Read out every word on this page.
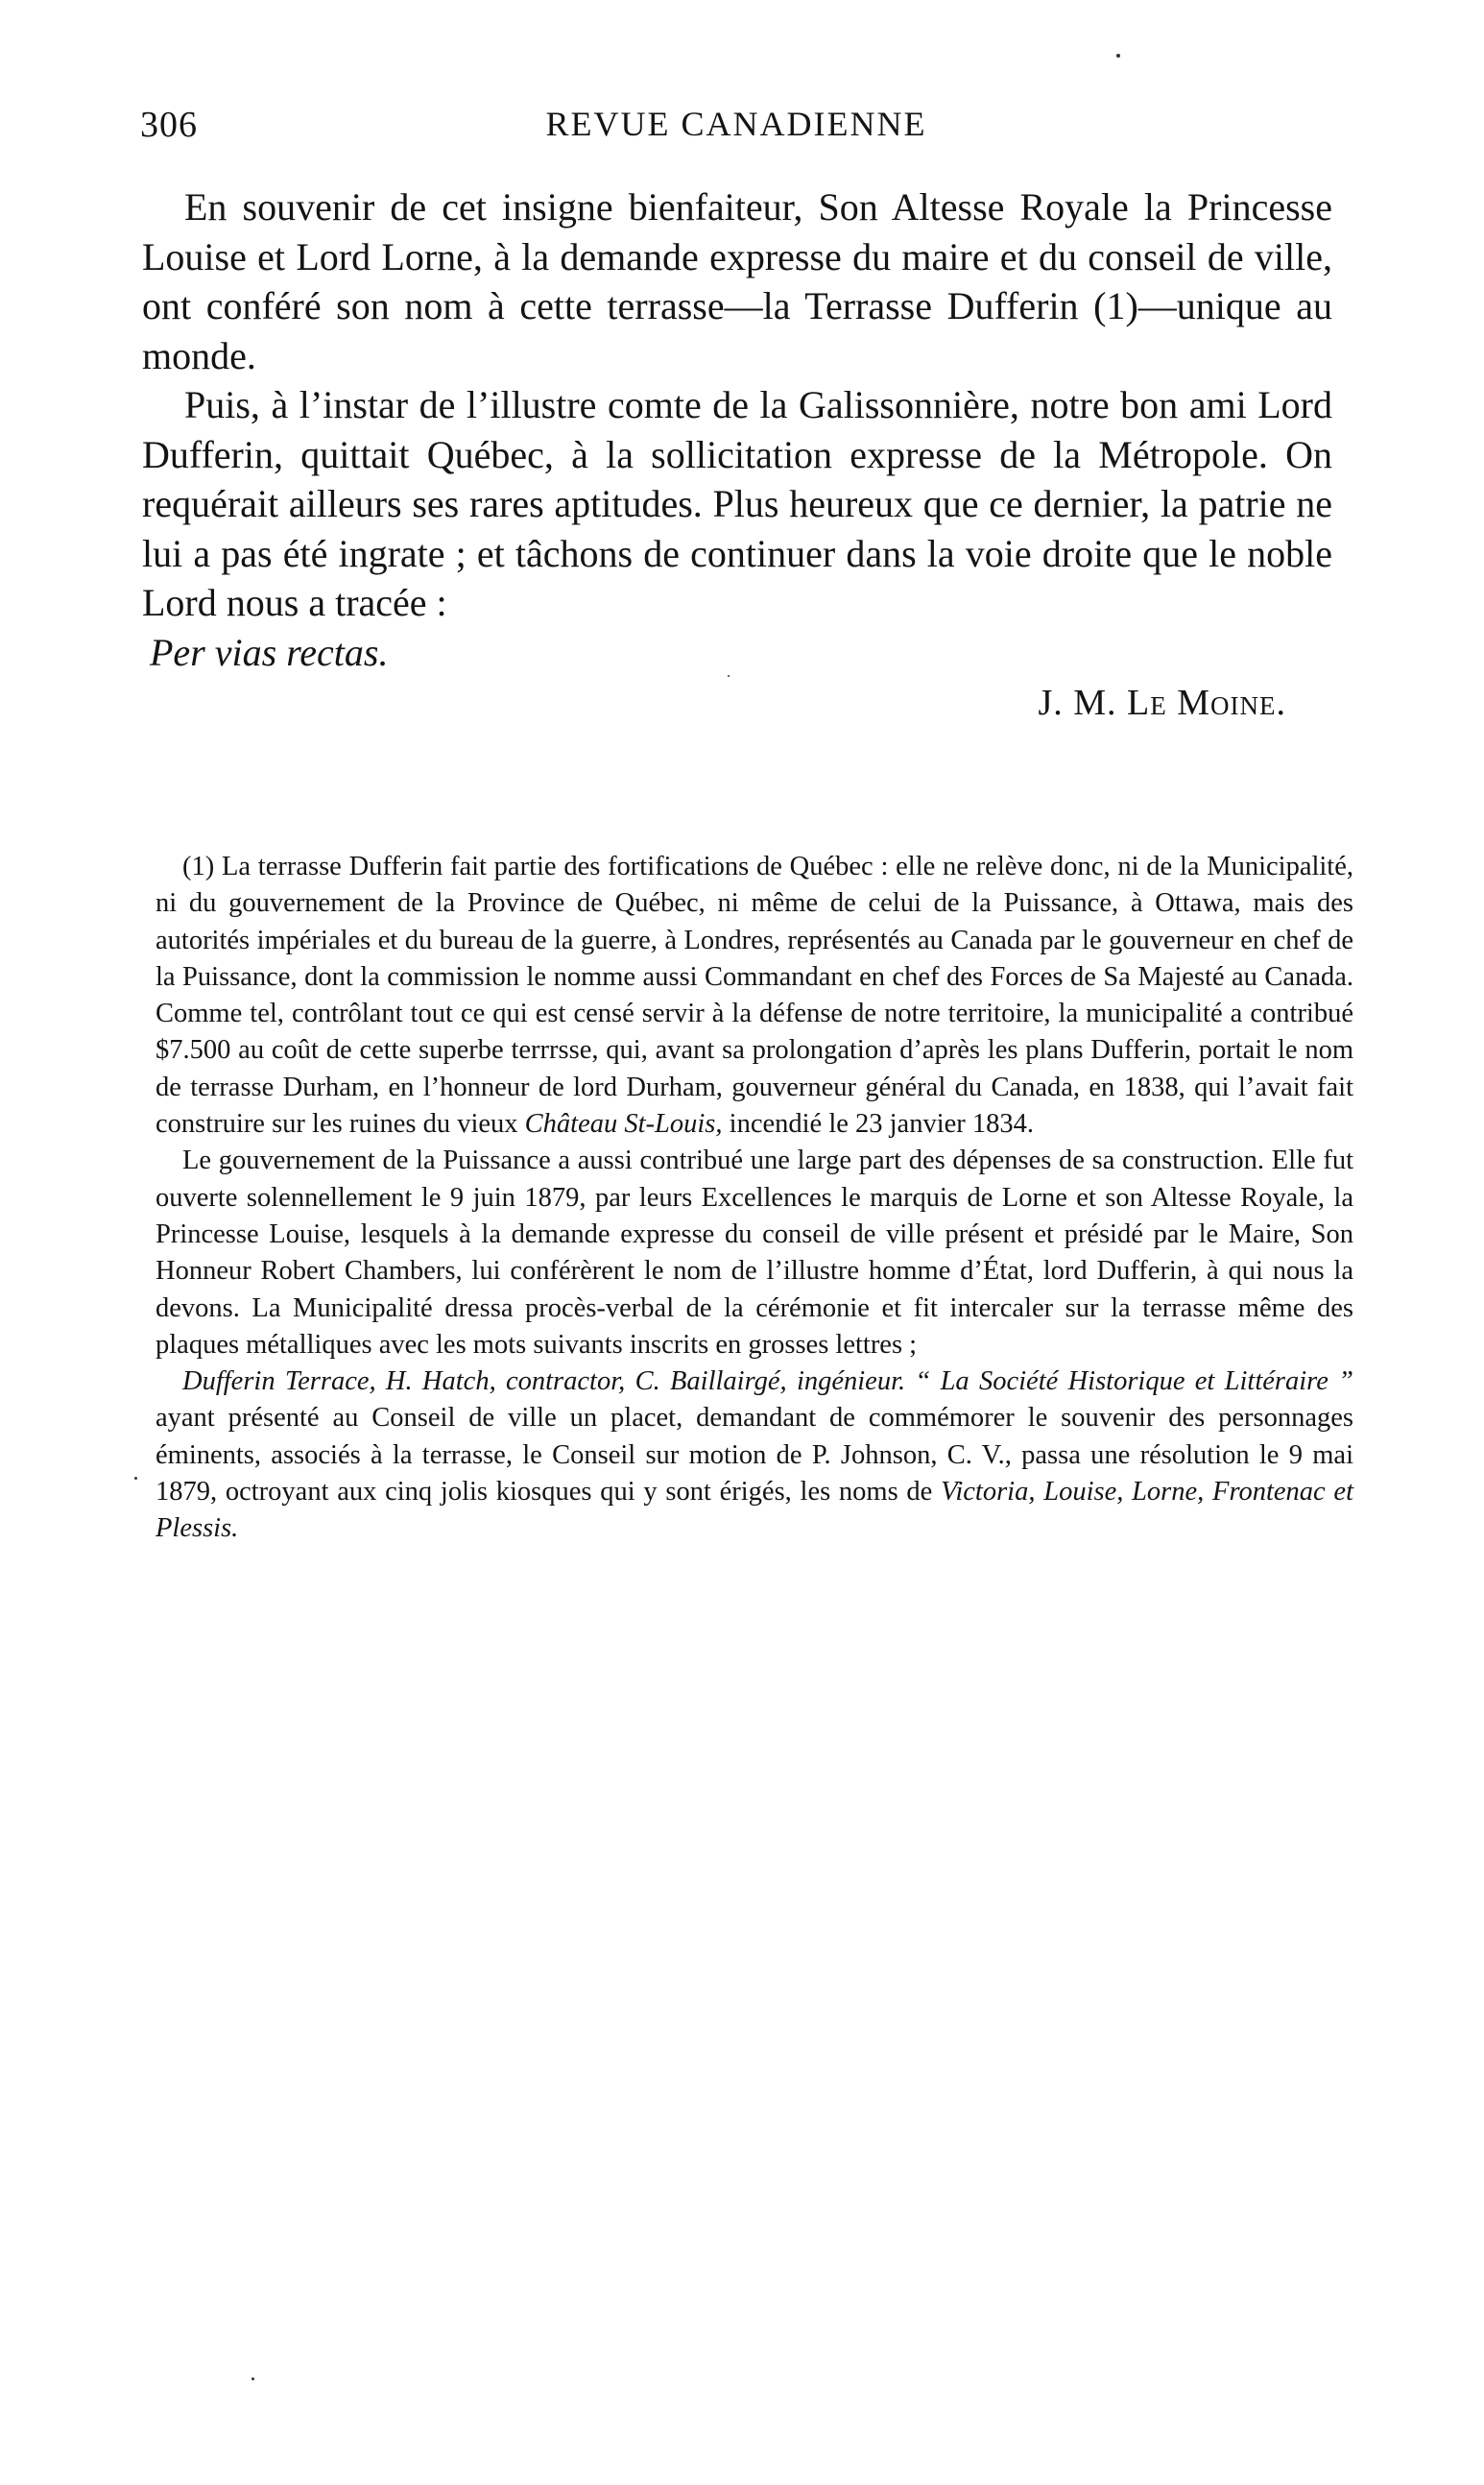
306	REVUE CANADIENNE

En souvenir de cet insigne bienfaiteur, Son Altesse Royale la Princesse Louise et Lord Lorne, à la demande expresse du maire et du conseil de ville, ont conféré son nom à cette terrasse—la Terrasse Dufferin (1)—unique au monde.

Puis, à l’instar de l’illustre comte de la Galissonnière, notre bon ami Lord Dufferin, quittait Québec, à la sollicitation expresse de la Métropole. On requérait ailleurs ses rares aptitudes. Plus heureux que ce dernier, la patrie ne lui a pas été ingrate ; et tâchons de continuer dans la voie droite que le noble Lord nous a tracée :

Per vias rectas.

J. M. Le Moine.

(1) La terrasse Dufferin fait partie des fortifications de Québec : elle ne relève donc, ni de la Municipalité, ni du gouvernement de la Province de Québec, ni même de celui de la Puissance, à Ottawa, mais des autorités impériales et du bureau de la guerre, à Londres, représentés au Canada par le gouverneur en chef de la Puissance, dont la commission le nomme aussi Commandant en chef des Forces de Sa Majesté au Canada. Comme tel, contrôlant tout ce qui est censé servir à la défense de notre territoire, la municipalité a contribué $7.500 au coût de cette superbe terrrsse, qui, avant sa prolongation d’après les plans Dufferin, portait le nom de terrasse Durham, en l’honneur de lord Durham, gouverneur général du Canada, en 1838, qui l’avait fait construire sur les ruines du vieux Château St-Louis, incendié le 23 janvier 1834.

Le gouvernement de la Puissance a aussi contribué une large part des dépenses de sa construction. Elle fut ouverte solennellement le 9 juin 1879, par leurs Excellences le marquis de Lorne et son Altesse Royale, la Princesse Louise, lesquels à la demande expresse du conseil de ville présent et présidé par le Maire, Son Honneur Robert Chambers, lui conférèrent le nom de l’illustre homme d’État, lord Dufferin, à qui nous la devons. La Municipalité dressa procès-verbal de la cérémonie et fit intercaler sur la terrasse même des plaques métalliques avec les mots suivants inscrits en grosses lettres ;

Dufferin Terrace, H. Hatch, contractor, C. Baillairgé, ingénieur. “ La Société Historique et Littéraire ” ayant présenté au Conseil de ville un placet, demandant de commémorer le souvenir des personnages éminents, associés à la terrasse, le Conseil sur motion de P. Johnson, C. V., passa une résolution le 9 mai 1879, octroyant aux cinq jolis kiosques qui y sont érigés, les noms de Victoria, Louise, Lorne, Frontenac et Plessis.
